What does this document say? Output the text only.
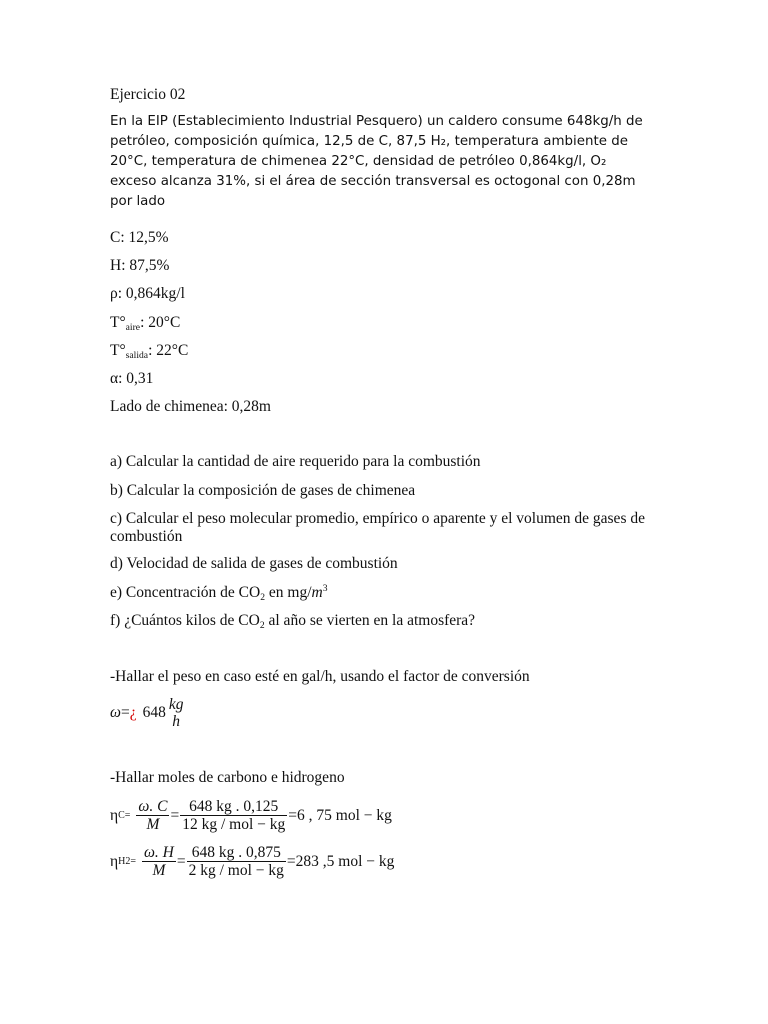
Ejercicio 02
En la EIP (Establecimiento Industrial Pesquero) un caldero consume 648kg/h de petróleo, composición química, 12,5 de C, 87,5 H₂, temperatura ambiente de 20°C, temperatura de chimenea 22°C, densidad de petróleo 0,864kg/l, O₂ exceso alcanza 31%, si el área de sección transversal es octogonal con 0,28m por lado
C: 12,5%
H: 87,5%
ρ: 0,864kg/l
$T^\circ_{aire}$: 20°C
$T^\circ_{salida}$: 22°C
α: 0,31
Lado de chimenea: 0,28m
a) Calcular la cantidad de aire requerido para la combustión
b) Calcular la composición de gases de chimenea
c) Calcular el peso molecular promedio, empírico o aparente y el volumen de gases de combustión
d) Velocidad de salida de gases de combustión
e) Concentración de $CO_2$ en $mg/m^3$
f) ¿Cuántos kilos de $CO_2$ al año se vierten en la atmosfera?
-Hallar el peso en caso esté en gal/h, usando el factor de conversión
ω = ¿ 648 kg
h
-Hallar moles de carbono e hidrogeno
η $C = \frac{\omega. C}{M} = \frac{648 kg . 0,125}{\text{12 kg / mol − kg}} =6$ , 75 mol − kg
η $H2 = \frac{\omega. H}{M} = \frac{648 kg . 0,875}{\text{2 kg / mol − kg}} =283$ ,5 mol − kg
